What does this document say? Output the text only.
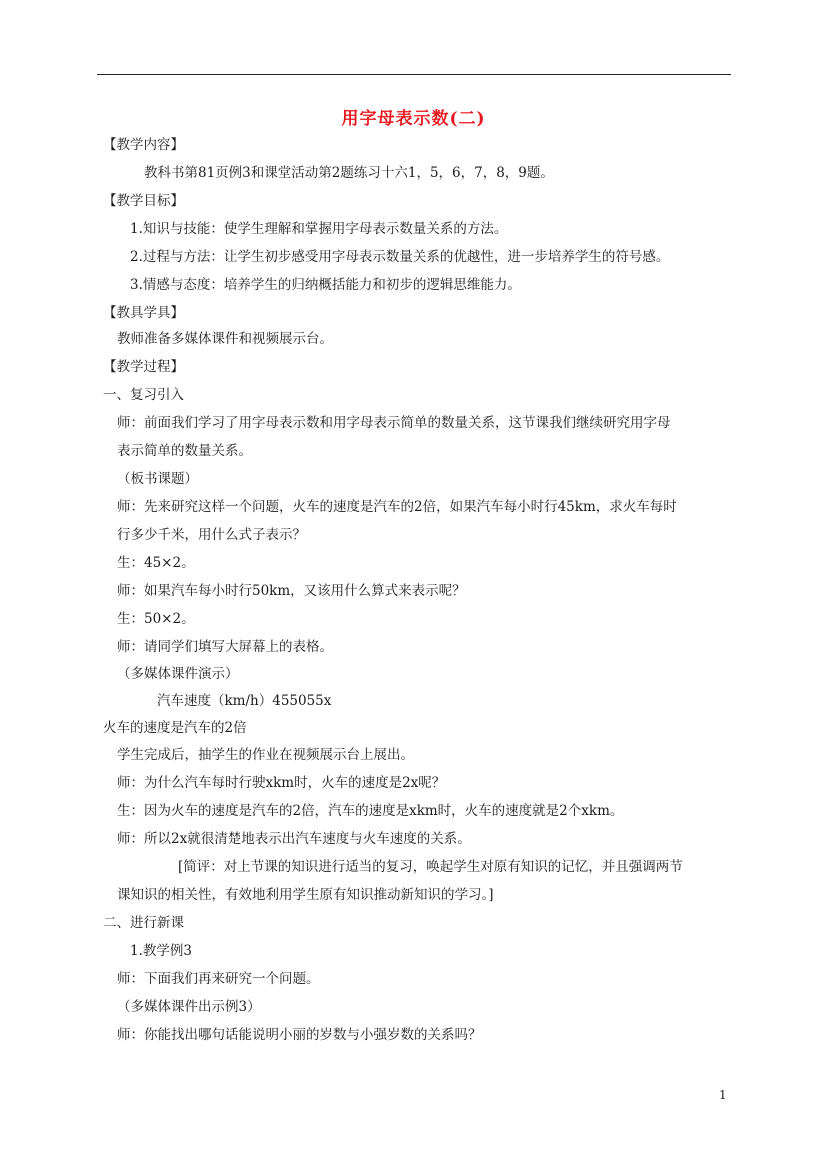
用字母表示数(二)
【教学内容】
教科书第81页例3和课堂活动第2题练习十六1，5，6，7，8，9题。
【教学目标】
1.知识与技能：使学生理解和掌握用字母表示数量关系的方法。
2.过程与方法：让学生初步感受用字母表示数量关系的优越性，进一步培养学生的符号感。
3.情感与态度：培养学生的归纳概括能力和初步的逻辑思维能力。
【教具学具】
教师准备多媒体课件和视频展示台。
【教学过程】
一、复习引入
师：前面我们学习了用字母表示数和用字母表示简单的数量关系，这节课我们继续研究用字母
表示简单的数量关系。
（板书课题）
师：先来研究这样一个问题，火车的速度是汽车的2倍，如果汽车每小时行45km，求火车每时
行多少千米，用什么式子表示？
生：45×2。
师：如果汽车每小时行50km，又该用什么算式来表示呢？
生：50×2。
师：请同学们填写大屏幕上的表格。
（多媒体课件演示）
汽车速度（km/h）455055x
火车的速度是汽车的2倍
学生完成后，抽学生的作业在视频展示台上展出。
师：为什么汽车每时行驶xkm时，火车的速度是2x呢？
生：因为火车的速度是汽车的2倍，汽车的速度是xkm时，火车的速度就是2个xkm。
师：所以2x就很清楚地表示出汽车速度与火车速度的关系。
[简评：对上节课的知识进行适当的复习，唤起学生对原有知识的记忆，并且强调两节
课知识的相关性，有效地利用学生原有知识推动新知识的学习。]
二、进行新课
1.教学例3
师：下面我们再来研究一个问题。
（多媒体课件出示例3）
师：你能找出哪句话能说明小丽的岁数与小强岁数的关系吗？
1
